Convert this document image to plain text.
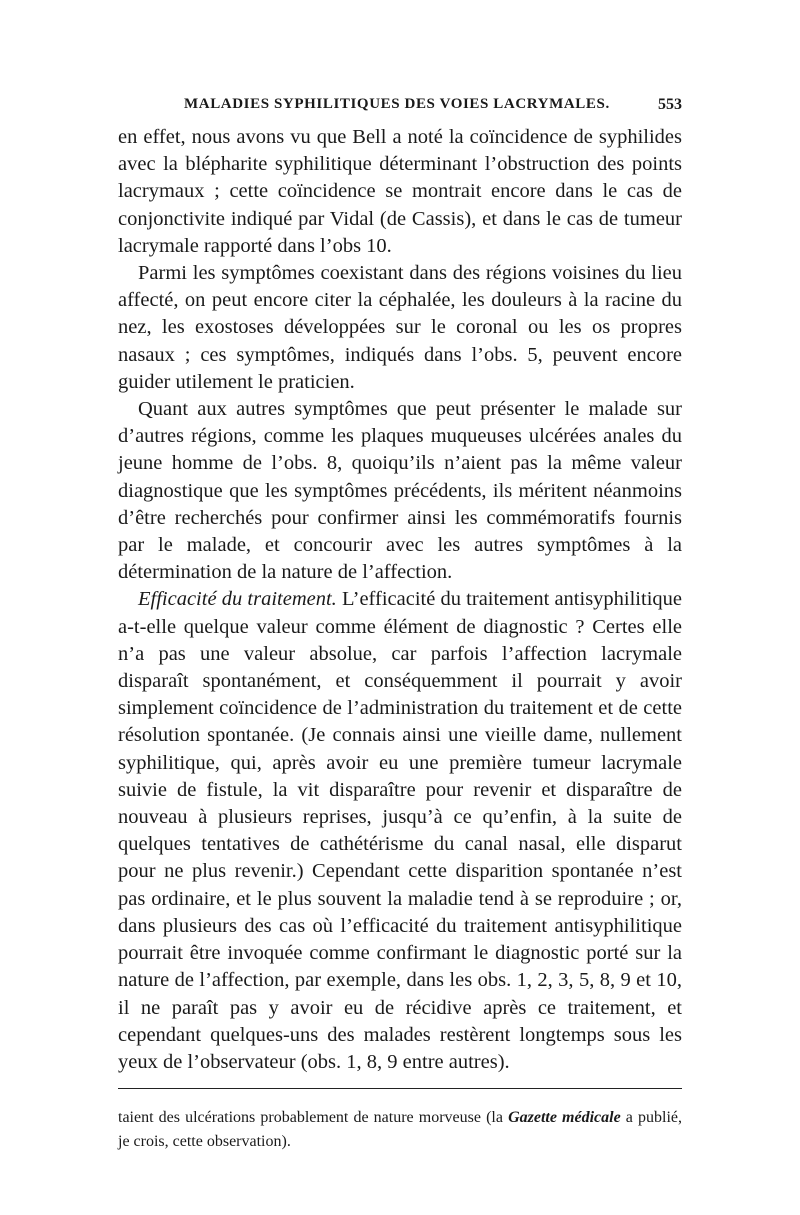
MALADIES SYPHILITIQUES DES VOIES LACRYMALES.	553

en effet, nous avons vu que Bell a noté la coïncidence de syphilides avec la blépharite syphilitique déterminant l’obstruction des points lacrymaux ; cette coïncidence se montrait encore dans le cas de conjonctivite indiqué par Vidal (de Cassis), et dans le cas de tumeur lacrymale rapporté dans l’obs 10.

Parmi les symptômes coexistant dans des régions voisines du lieu affecté, on peut encore citer la céphalée, les douleurs à la racine du nez, les exostoses développées sur le coronal ou les os propres nasaux ; ces symptômes, indiqués dans l’obs. 5, peuvent encore guider utilement le praticien.

Quant aux autres symptômes que peut présenter le malade sur d’autres régions, comme les plaques muqueuses ulcérées anales du jeune homme de l’obs. 8, quoiqu’ils n’aient pas la même valeur diagnostique que les symptômes précédents, ils méritent néanmoins d’être recherchés pour confirmer ainsi les commémoratifs fournis par le malade, et concourir avec les autres symptômes à la détermination de la nature de l’affection.

Efficacité du traitement. L’efficacité du traitement antisyphilitique a-t-elle quelque valeur comme élément de diagnostic ? Certes elle n’a pas une valeur absolue, car parfois l’affection lacrymale disparaît spontanément, et conséquemment il pourrait y avoir simplement coïncidence de l’administration du traitement et de cette résolution spontanée. (Je connais ainsi une vieille dame, nullement syphilitique, qui, après avoir eu une première tumeur lacrymale suivie de fistule, la vit disparaître pour revenir et disparaître de nouveau à plusieurs reprises, jusqu’à ce qu’enfin, à la suite de quelques tentatives de cathétérisme du canal nasal, elle disparut pour ne plus revenir.) Cependant cette disparition spontanée n’est pas ordinaire, et le plus souvent la maladie tend à se reproduire ; or, dans plusieurs des cas où l’efficacité du traitement antisyphilitique pourrait être invoquée comme confirmant le diagnostic porté sur la nature de l’affection, par exemple, dans les obs. 1, 2, 3, 5, 8, 9 et 10, il ne paraît pas y avoir eu de récidive après ce traitement, et cependant quelques-uns des malades restèrent longtemps sous les yeux de l’observateur (obs. 1, 8, 9 entre autres).

taient des ulcérations probablement de nature morveuse (la Gazette médicale a publié, je crois, cette observation).
